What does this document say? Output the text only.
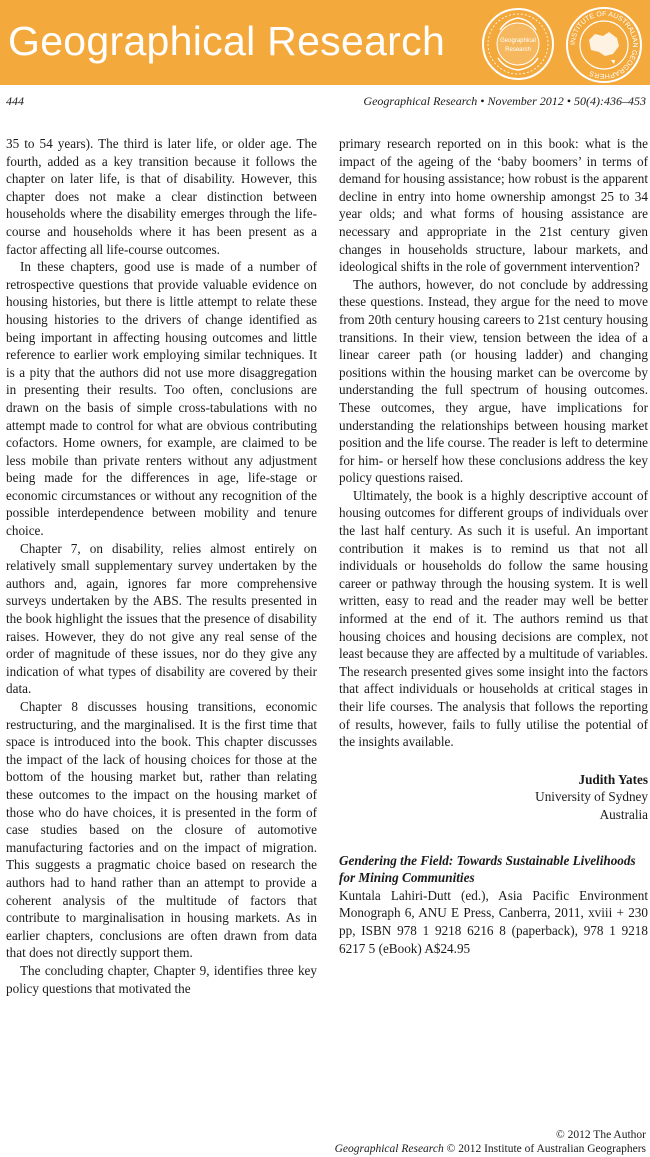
Geographical Research	Geographical
Research
INSTITUTE OF AUSTRALIAN GEOGRAPHERS
444	Geographical Research • November 2012 • 50(4):436–453

35 to 54 years). The third is later life, or older age. The fourth, added as a key transition because it follows the chapter on later life, is that of disability. However, this chapter does not make a clear distinction between households where the disability emerges through the life-course and households where it has been present as a factor affecting all life-course outcomes.

In these chapters, good use is made of a number of retrospective questions that provide valuable evidence on housing histories, but there is little attempt to relate these housing histories to the drivers of change identified as being important in affecting housing outcomes and little reference to earlier work employing similar techniques. It is a pity that the authors did not use more disaggregation in presenting their results. Too often, conclusions are drawn on the basis of simple cross-tabulations with no attempt made to control for what are obvious contributing cofactors. Home owners, for example, are claimed to be less mobile than private renters without any adjustment being made for the differences in age, life-stage or economic circumstances or without any recognition of the possible interdependence between mobility and tenure choice.

Chapter 7, on disability, relies almost entirely on relatively small supplementary survey undertaken by the authors and, again, ignores far more comprehensive surveys undertaken by the ABS. The results presented in the book highlight the issues that the presence of disability raises. However, they do not give any real sense of the order of magnitude of these issues, nor do they give any indication of what types of disability are covered by their data.

Chapter 8 discusses housing transitions, economic restructuring, and the marginalised. It is the first time that space is introduced into the book. This chapter discusses the impact of the lack of housing choices for those at the bottom of the housing market but, rather than relating these outcomes to the impact on the housing market of those who do have choices, it is presented in the form of case studies based on the closure of automotive manufacturing factories and on the impact of migration. This suggests a pragmatic choice based on research the authors had to hand rather than an attempt to provide a coherent analysis of the multitude of factors that contribute to marginalisation in housing markets. As in earlier chapters, conclusions are often drawn from data that does not directly support them.

The concluding chapter, Chapter 9, identifies three key policy questions that motivated the

primary research reported on in this book: what is the impact of the ageing of the ‘baby boomers’ in terms of demand for housing assistance; how robust is the apparent decline in entry into home ownership amongst 25 to 34 year olds; and what forms of housing assistance are necessary and appropriate in the 21st century given changes in households structure, labour markets, and ideological shifts in the role of government intervention?

The authors, however, do not conclude by addressing these questions. Instead, they argue for the need to move from 20th century housing careers to 21st century housing transitions. In their view, tension between the idea of a linear career path (or housing ladder) and changing positions within the housing market can be overcome by understanding the full spectrum of housing outcomes. These outcomes, they argue, have implications for understanding the relationships between housing market position and the life course. The reader is left to determine for him- or herself how these conclusions address the key policy questions raised.

Ultimately, the book is a highly descriptive account of housing outcomes for different groups of individuals over the last half century. As such it is useful. An important contribution it makes is to remind us that not all individuals or households do follow the same housing career or pathway through the housing system. It is well written, easy to read and the reader may well be better informed at the end of it. The authors remind us that housing choices and housing decisions are complex, not least because they are affected by a multitude of variables. The research presented gives some insight into the factors that affect individuals or households at critical stages in their life courses. The analysis that follows the reporting of results, however, fails to fully utilise the potential of the insights available.

Judith Yates
University of Sydney
Australia
Gendering the Field: Towards Sustainable Livelihoods for Mining Communities

Kuntala Lahiri-Dutt (ed.), Asia Pacific Environment Monograph 6, ANU E Press, Canberra, 2011, xviii + 230 pp, ISBN 978 1 9218 6216 8 (paperback), 978 1 9218 6217 5 (eBook) A$24.95

© 2012 The Author
Geographical Research © 2012 Institute of Australian Geographers
